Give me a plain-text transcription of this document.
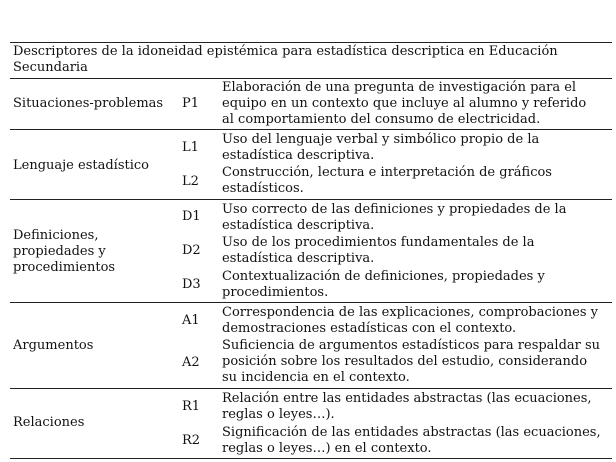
Descriptores de la idoneidad epistémica para estadística descriptica en Educación
Secundaria
Situaciones-problemas P1
Elaboración de una pregunta de investigación para el
equipo en un contexto que incluye al alumno y referido
al comportamiento del consumo de electricidad.
Lenguaje estadístico
L1
Uso del lenguaje verbal y simbólico propio de la
estadística descriptiva.
L2
Construcción, lectura e interpretación de gráficos
estadísticos.
Definiciones,
propiedades y
procedimientos
D1 Uso correcto de las definiciones y propiedades de la
estadística descriptiva.
D2
Uso de los procedimientos fundamentales de la
estadística descriptiva.
D3
Contextualización de definiciones, propiedades y
procedimientos.
Argumentos
A1
Correspondencia de las explicaciones, comprobaciones y
demostraciones estadísticas con el contexto.
A2
Suficiencia de argumentos estadísticos para respaldar su
posición sobre los resultados del estudio, considerando
su incidencia en el contexto.
Relaciones
R1
Relación entre las entidades abstractas (las ecuaciones,
reglas o leyes…).
R2
Significación de las entidades abstractas (las ecuaciones,
reglas o leyes…) en el contexto.
